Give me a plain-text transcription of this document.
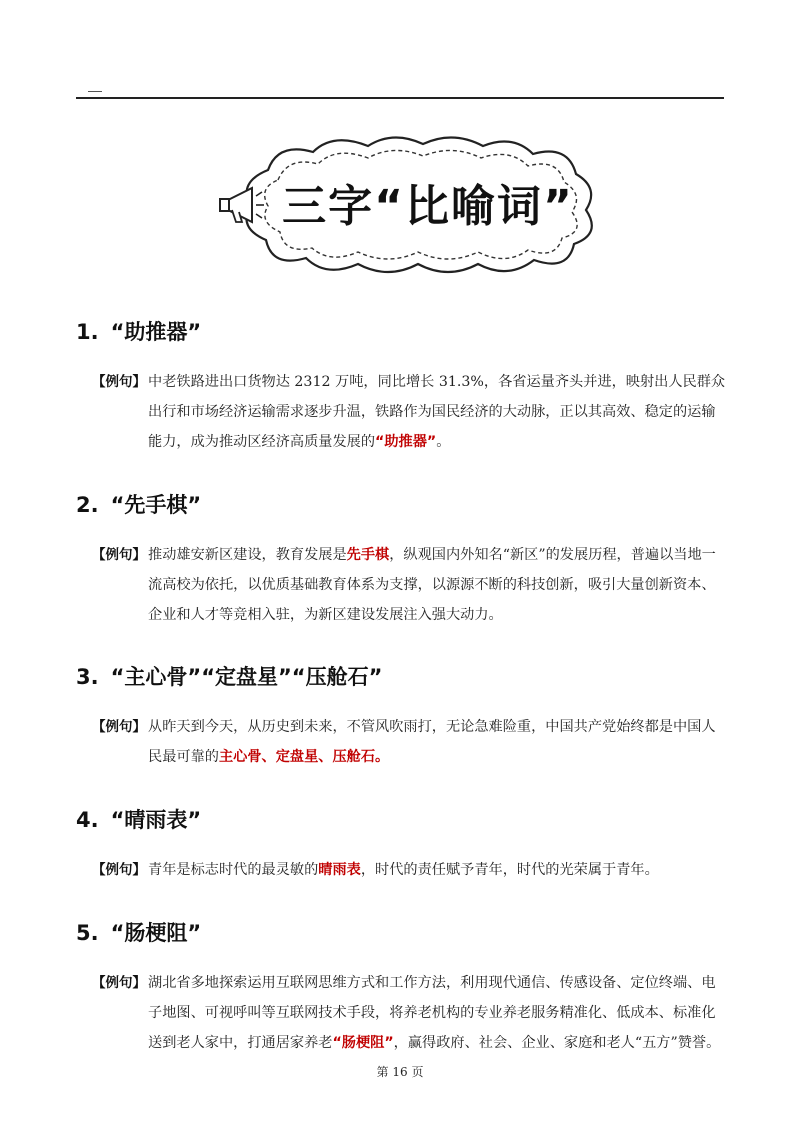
三字“比喻词”
1. “助推器”
【例句】 中老铁路进出口货物达 2312 万吨，同比增长 31.3%，各省运量齐头并进，映射出人民群众出行和市场经济运输需求逐步升温，铁路作为国民经济的大动脉，正以其高效、稳定的运输能力，成为推动区经济高质量发展的“助推器”。
2. “先手棋”
【例句】 推动雄安新区建设，教育发展是先手棋，纵观国内外知名“新区”的发展历程，普遍以当地一流高校为依托，以优质基础教育体系为支撑，以源源不断的科技创新，吸引大量创新资本、企业和人才等竞相入驻，为新区建设发展注入强大动力。
3. “主心骨”“定盘星”“压舱石”
【例句】 从昨天到今天，从历史到未来，不管风吹雨打，无论急难险重，中国共产党始终都是中国人民最可靠的主心骨、定盘星、压舱石。
4. “晴雨表”
【例句】 青年是标志时代的最灵敏的晴雨表，时代的责任赋予青年，时代的光荣属于青年。
5. “肠梗阻”
【例句】 湖北省多地探索运用互联网思维方式和工作方法，利用现代通信、传感设备、定位终端、电子地图、可视呼叫等互联网技术手段，将养老机构的专业养老服务精准化、低成本、标准化送到老人家中，打通居家养老“肠梗阻”，赢得政府、社会、企业、家庭和老人“五方”赞誉。
第 16 页
